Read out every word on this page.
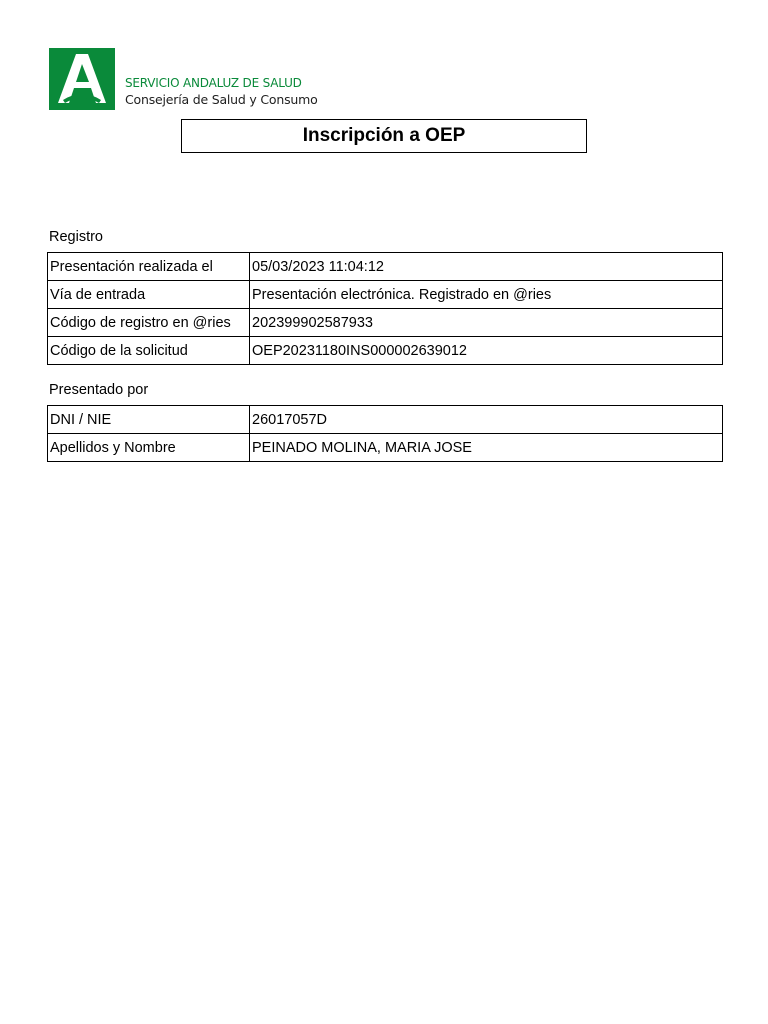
SERVICIO ANDALUZ DE SALUD
Consejería de Salud y Consumo
Inscripción a OEP
Registro
Presentación realizada el	05/03/2023 11:04:12
Vía de entrada	Presentación electrónica. Registrado en @ries
Código de registro en @ries	202399902587933
Código de la solicitud	OEP20231180INS000002639012
Presentado por
DNI / NIE	26017057D
Apellidos y Nombre	PEINADO MOLINA, MARIA JOSE
